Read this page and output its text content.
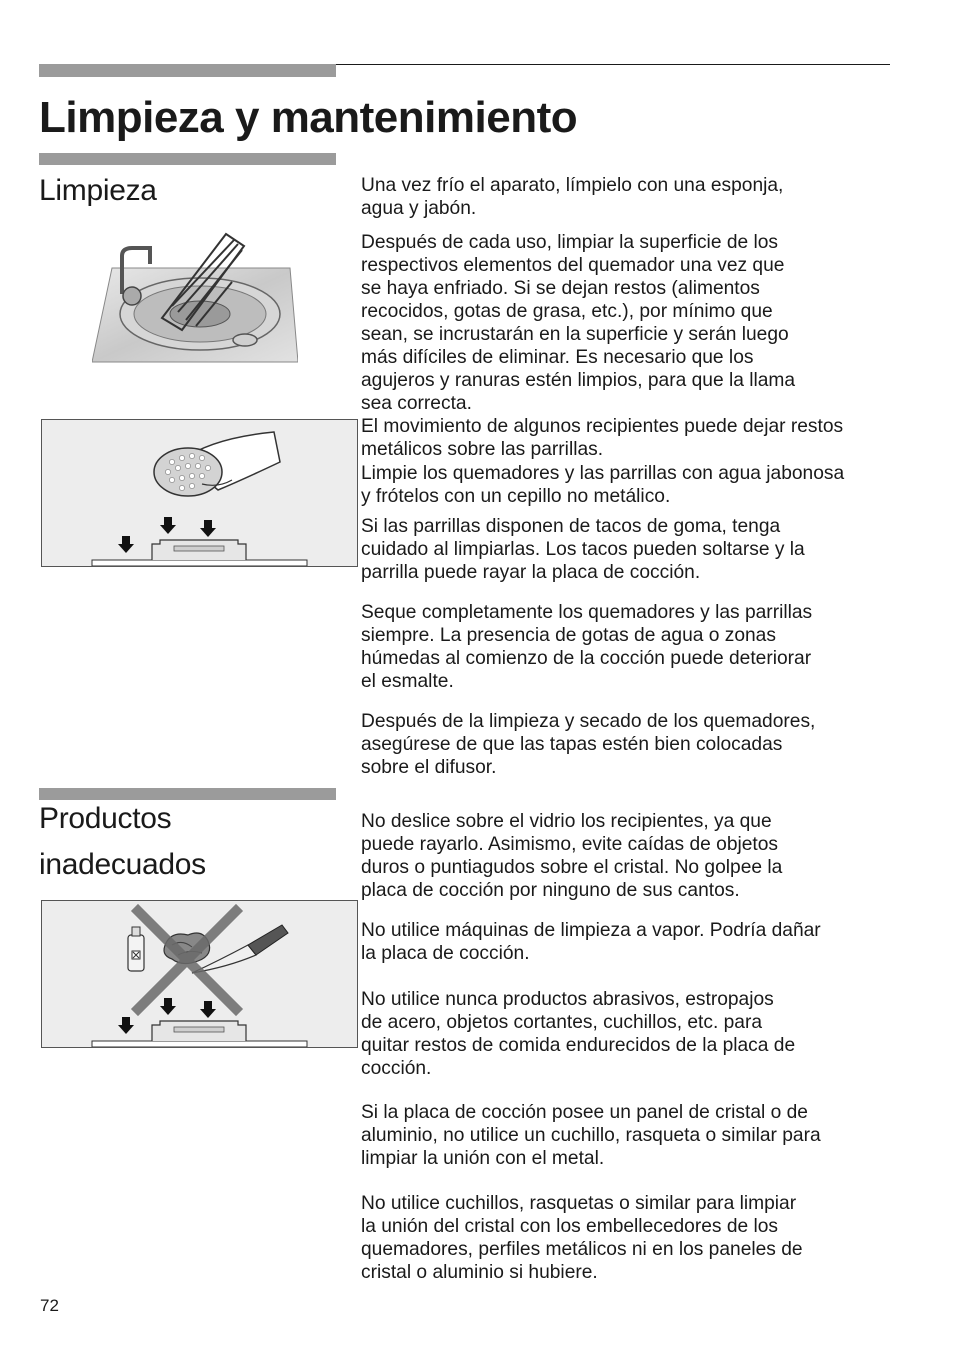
Limpieza y mantenimiento
Limpieza	Una vez frío el aparato, límpielo con una esponja,
agua y jabón.

Después de cada uso, limpiar la superficie de los
respectivos elementos del quemador una vez que
se haya enfriado. Si se dejan restos (alimentos
recocidos, gotas de grasa, etc.), por mínimo que
sean, se incrustarán en la superficie y serán luego
más difíciles de eliminar. Es necesario que los
agujeros y ranuras estén limpios, para que la llama
sea correcta.

El movimiento de algunos recipientes puede dejar restos
metálicos sobre las parrillas.

Limpie los quemadores y las parrillas con agua jabonosa
y frótelos con un cepillo no metálico.

Si las parrillas disponen de tacos de goma, tenga
cuidado al limpiarlas. Los tacos pueden soltarse y la
parrilla puede rayar la placa de cocción.

Seque completamente los quemadores y las parrillas
siempre. La presencia de gotas de agua o zonas
húmedas al comienzo de la cocción puede deteriorar
el esmalte.

Después de la limpieza y secado de los quemadores,
asegúrese de que las tapas estén bien colocadas
sobre el difusor.

Productos
inadecuados

No deslice sobre el vidrio los recipientes, ya que
puede rayarlo. Asimismo, evite caídas de objetos
duros o puntiagudos sobre el cristal. No golpee la
placa de cocción por ninguno de sus cantos.

No utilice máquinas de limpieza a vapor. Podría dañar
la placa de cocción.

No utilice nunca productos abrasivos, estropajos
de acero, objetos cortantes, cuchillos, etc. para
quitar restos de comida endurecidos de la placa de
cocción.

Si la placa de cocción posee un panel de cristal o de
aluminio, no utilice un cuchillo, rasqueta o similar para
limpiar la unión con el metal.

No utilice cuchillos, rasquetas o similar para limpiar
la unión del cristal con los embellecedores de los
quemadores, perfiles metálicos ni en los paneles de
cristal o aluminio si hubiere.

72
